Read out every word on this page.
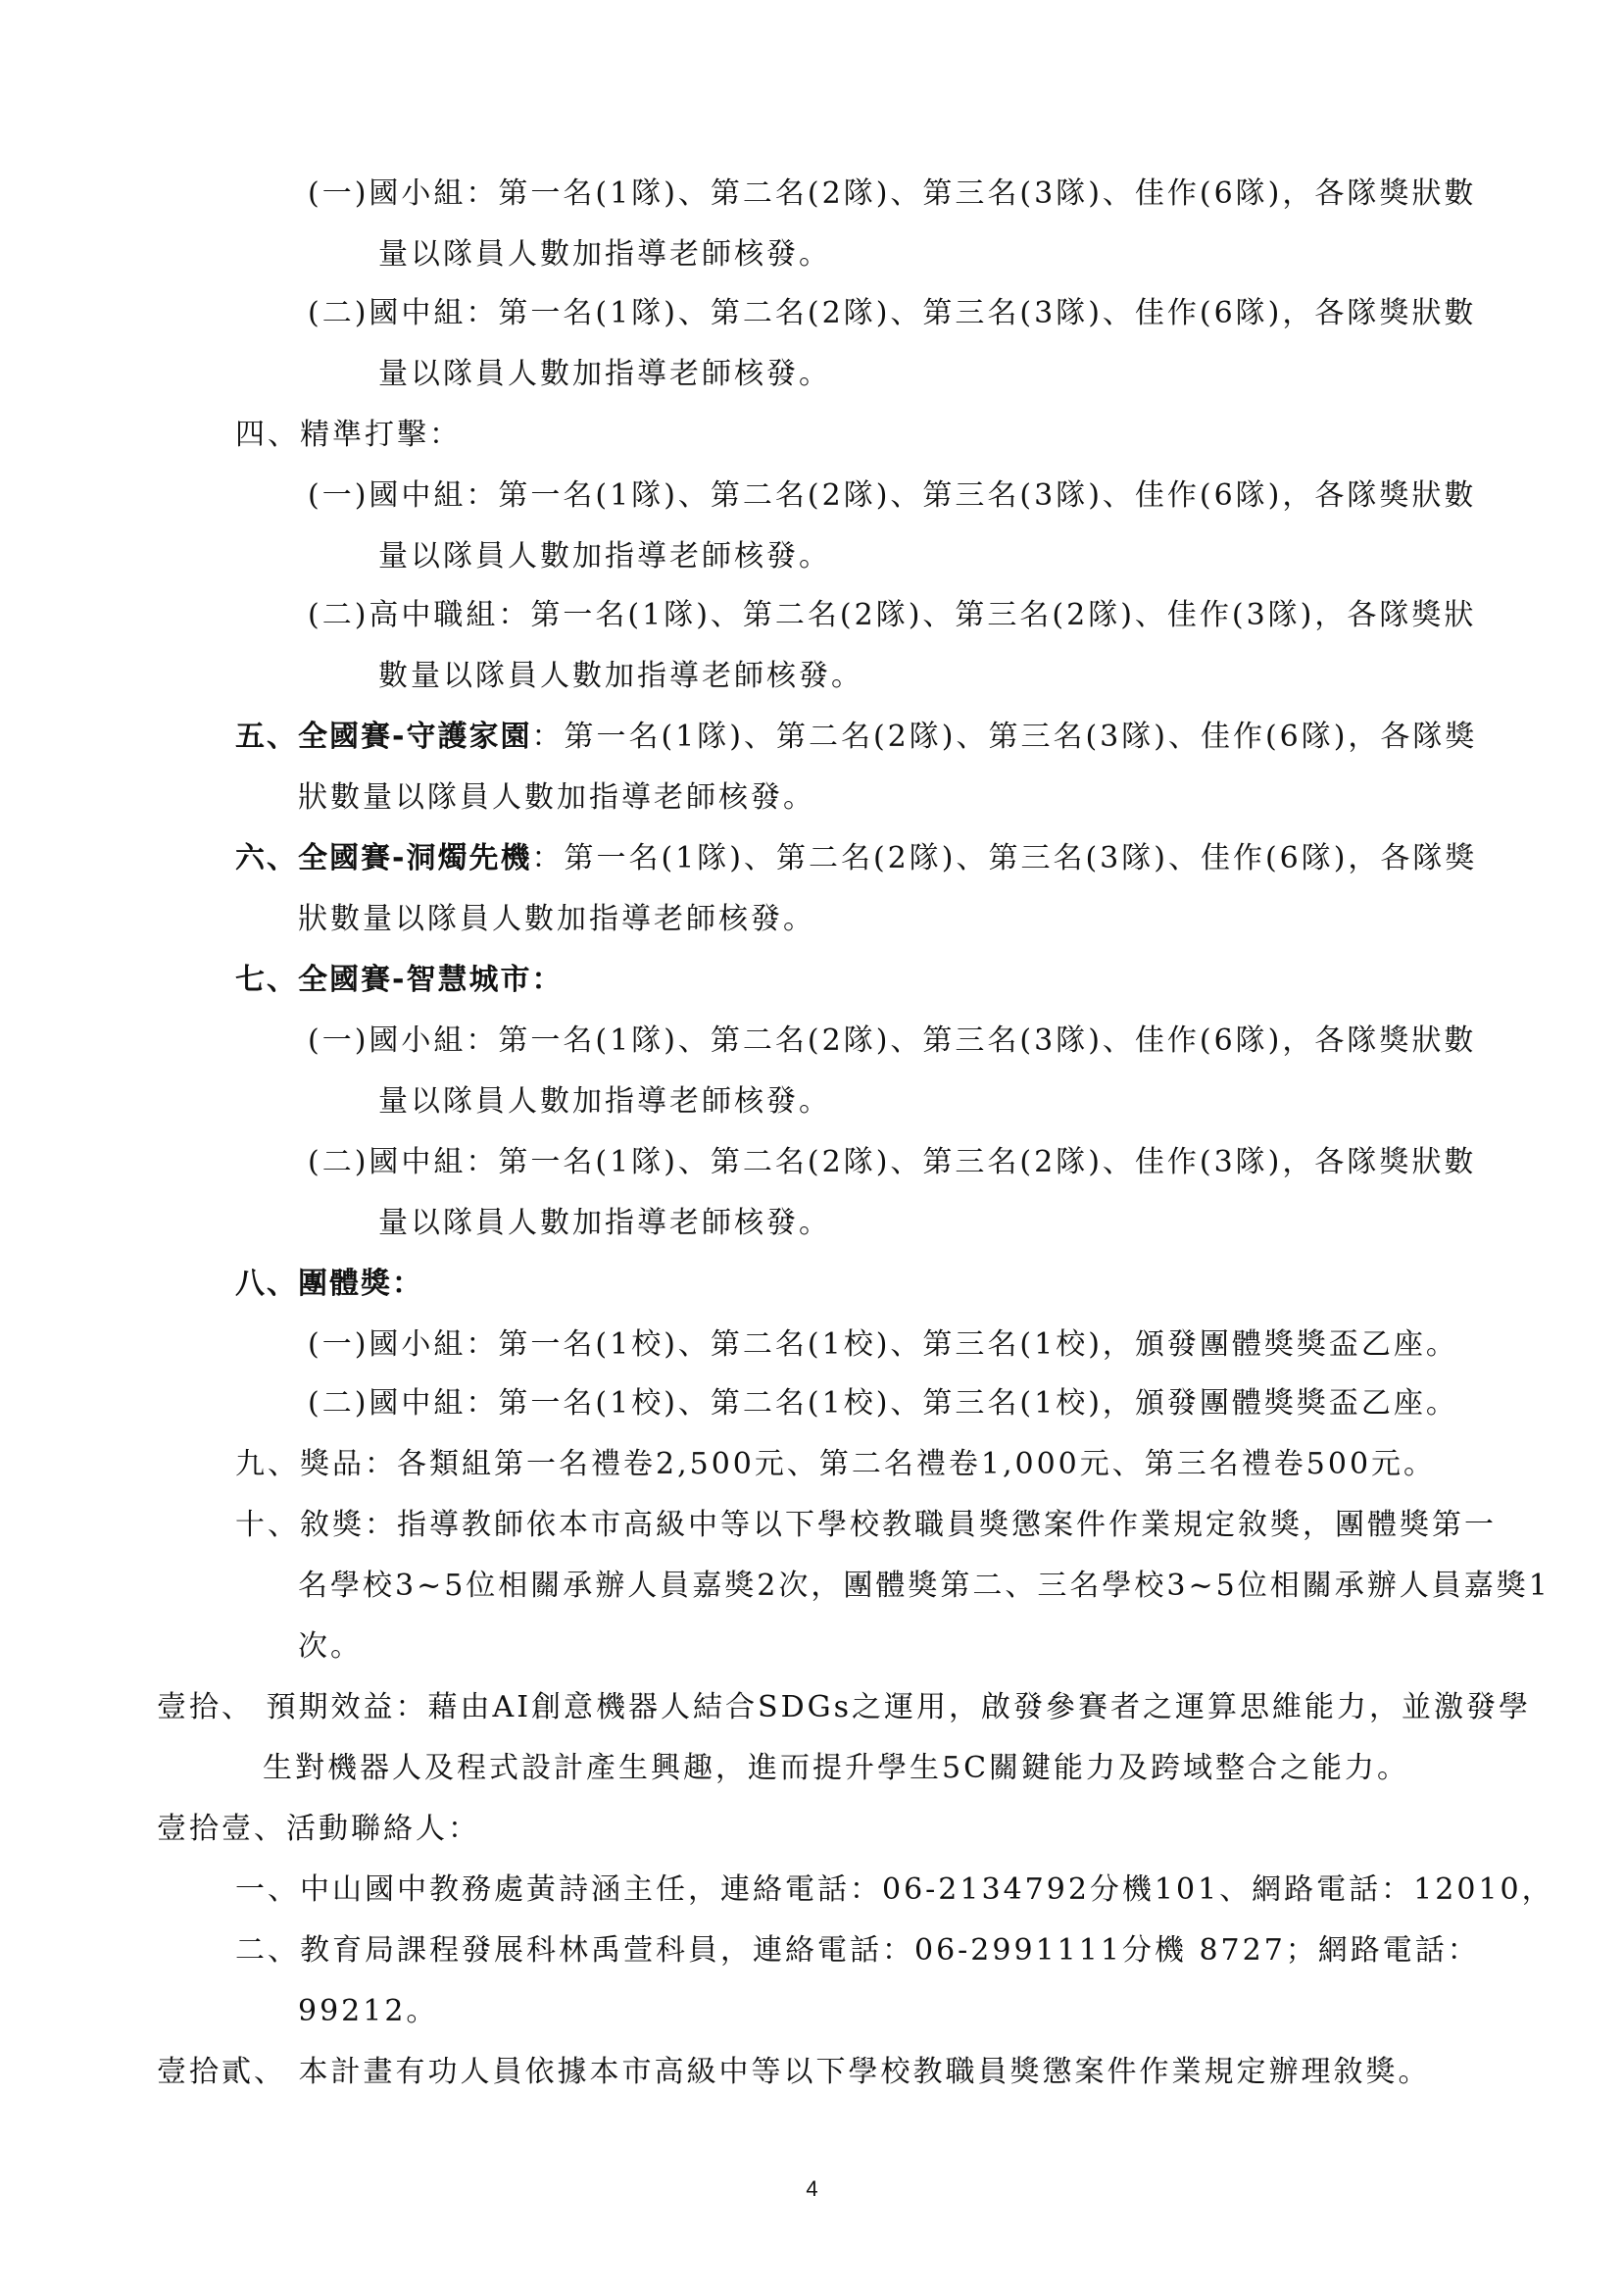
4
(一)國小組：第一名(1隊)、第二名(2隊)、第三名(3隊)、佳作(6隊)，各隊獎狀數
量以隊員人數加指導老師核發。
(二)國中組：第一名(1隊)、第二名(2隊)、第三名(3隊)、佳作(6隊)，各隊獎狀數
量以隊員人數加指導老師核發。
四、精準打擊：
(一)國中組：第一名(1隊)、第二名(2隊)、第三名(3隊)、佳作(6隊)，各隊獎狀數
量以隊員人數加指導老師核發。
(二)高中職組：第一名(1隊)、第二名(2隊)、第三名(2隊)、佳作(3隊)，各隊獎狀
數量以隊員人數加指導老師核發。
五、全國賽-守護家園：第一名(1隊)、第二名(2隊)、第三名(3隊)、佳作(6隊)，各隊獎
狀數量以隊員人數加指導老師核發。
六、全國賽-洞燭先機：第一名(1隊)、第二名(2隊)、第三名(3隊)、佳作(6隊)，各隊獎
狀數量以隊員人數加指導老師核發。
七、全國賽-智慧城市：
(一)國小組：第一名(1隊)、第二名(2隊)、第三名(3隊)、佳作(6隊)，各隊獎狀數
量以隊員人數加指導老師核發。
(二)國中組：第一名(1隊)、第二名(2隊)、第三名(2隊)、佳作(3隊)，各隊獎狀數
量以隊員人數加指導老師核發。
八、團體獎：
(一)國小組：第一名(1校)、第二名(1校)、第三名(1校)，頒發團體獎獎盃乙座。
(二)國中組：第一名(1校)、第二名(1校)、第三名(1校)，頒發團體獎獎盃乙座。
九、獎品：各類組第一名禮卷2,500元、第二名禮卷1,000元、第三名禮卷500元。
十、敘獎：指導教師依本市高級中等以下學校教職員獎懲案件作業規定敘獎，團體獎第一
名學校3~5位相關承辦人員嘉獎2次，團體獎第二、三名學校3~5位相關承辦人員嘉獎1
次。
壹拾、 預期效益：藉由AI創意機器人結合SDGs之運用，啟發參賽者之運算思維能力，並激發學
生對機器人及程式設計產生興趣，進而提升學生5C關鍵能力及跨域整合之能力。
壹拾壹、活動聯絡人：
一、中山國中教務處黃詩涵主任，連絡電話：06-2134792分機101、網路電話：12010，
二、教育局課程發展科林禹萱科員，連絡電話：06-2991111分機 8727；網路電話：
99212。
壹拾貳、 本計畫有功人員依據本市高級中等以下學校教職員獎懲案件作業規定辦理敘獎。
